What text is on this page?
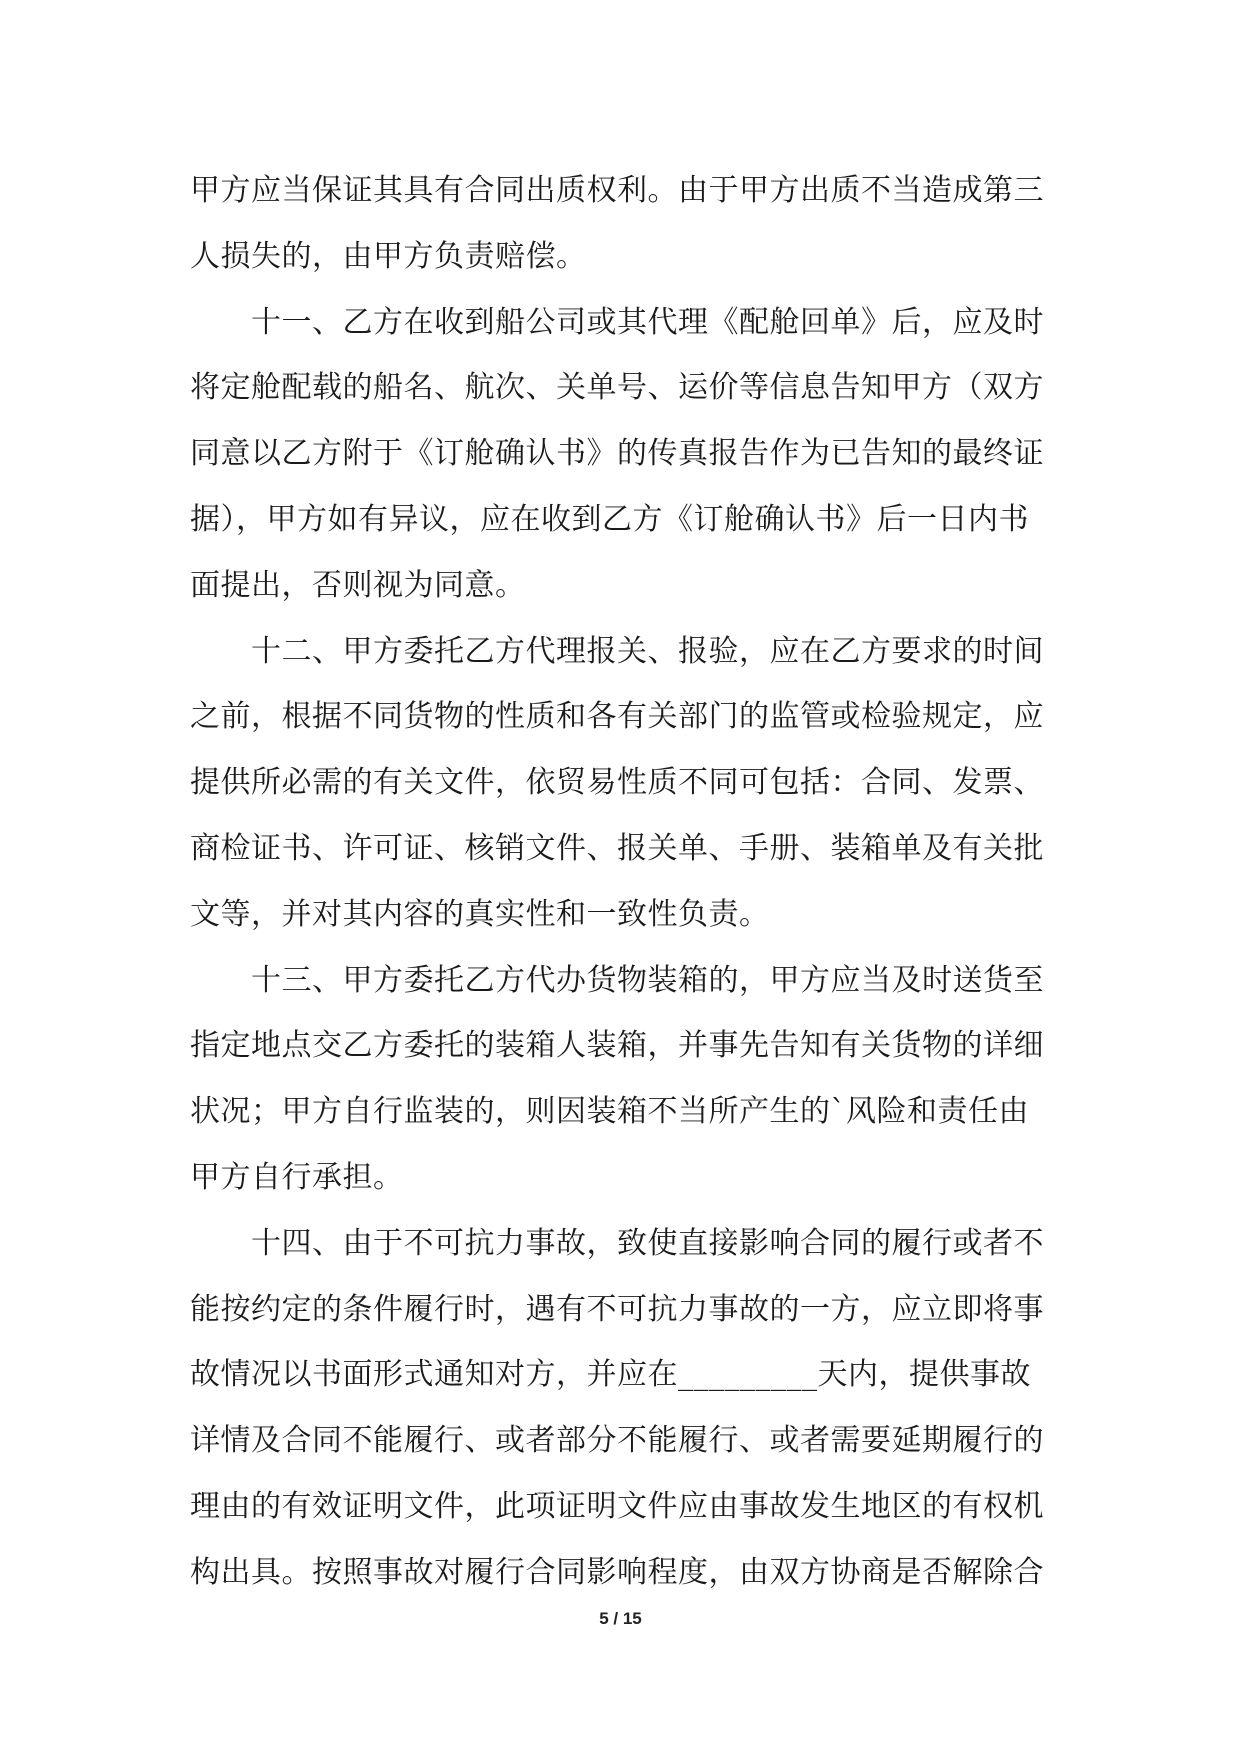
甲方应当保证其具有合同出质权利。由于甲方出质不当造成第三
人损失的，由甲方负责赔偿。
　　十一、乙方在收到船公司或其代理《配舱回单》后，应及时
将定舱配载的船名、航次、关单号、运价等信息告知甲方（双方
同意以乙方附于《订舱确认书》的传真报告作为已告知的最终证
据），甲方如有异议，应在收到乙方《订舱确认书》后一日内书
面提出，否则视为同意。
　　十二、甲方委托乙方代理报关、报验，应在乙方要求的时间
之前，根据不同货物的性质和各有关部门的监管或检验规定，应
提供所必需的有关文件，依贸易性质不同可包括：合同、发票、
商检证书、许可证、核销文件、报关单、手册、装箱单及有关批
文等，并对其内容的真实性和一致性负责。
　　十三、甲方委托乙方代办货物装箱的，甲方应当及时送货至
指定地点交乙方委托的装箱人装箱，并事先告知有关货物的详细
状况；甲方自行监装的，则因装箱不当所产生的`风险和责任由
甲方自行承担。
　　十四、由于不可抗力事故，致使直接影响合同的履行或者不
能按约定的条件履行时，遇有不可抗力事故的一方，应立即将事
故情况以书面形式通知对方，并应在_________天内，提供事故
详情及合同不能履行、或者部分不能履行、或者需要延期履行的
理由的有效证明文件，此项证明文件应由事故发生地区的有权机
构出具。按照事故对履行合同影响程度，由双方协商是否解除合
5 / 15
